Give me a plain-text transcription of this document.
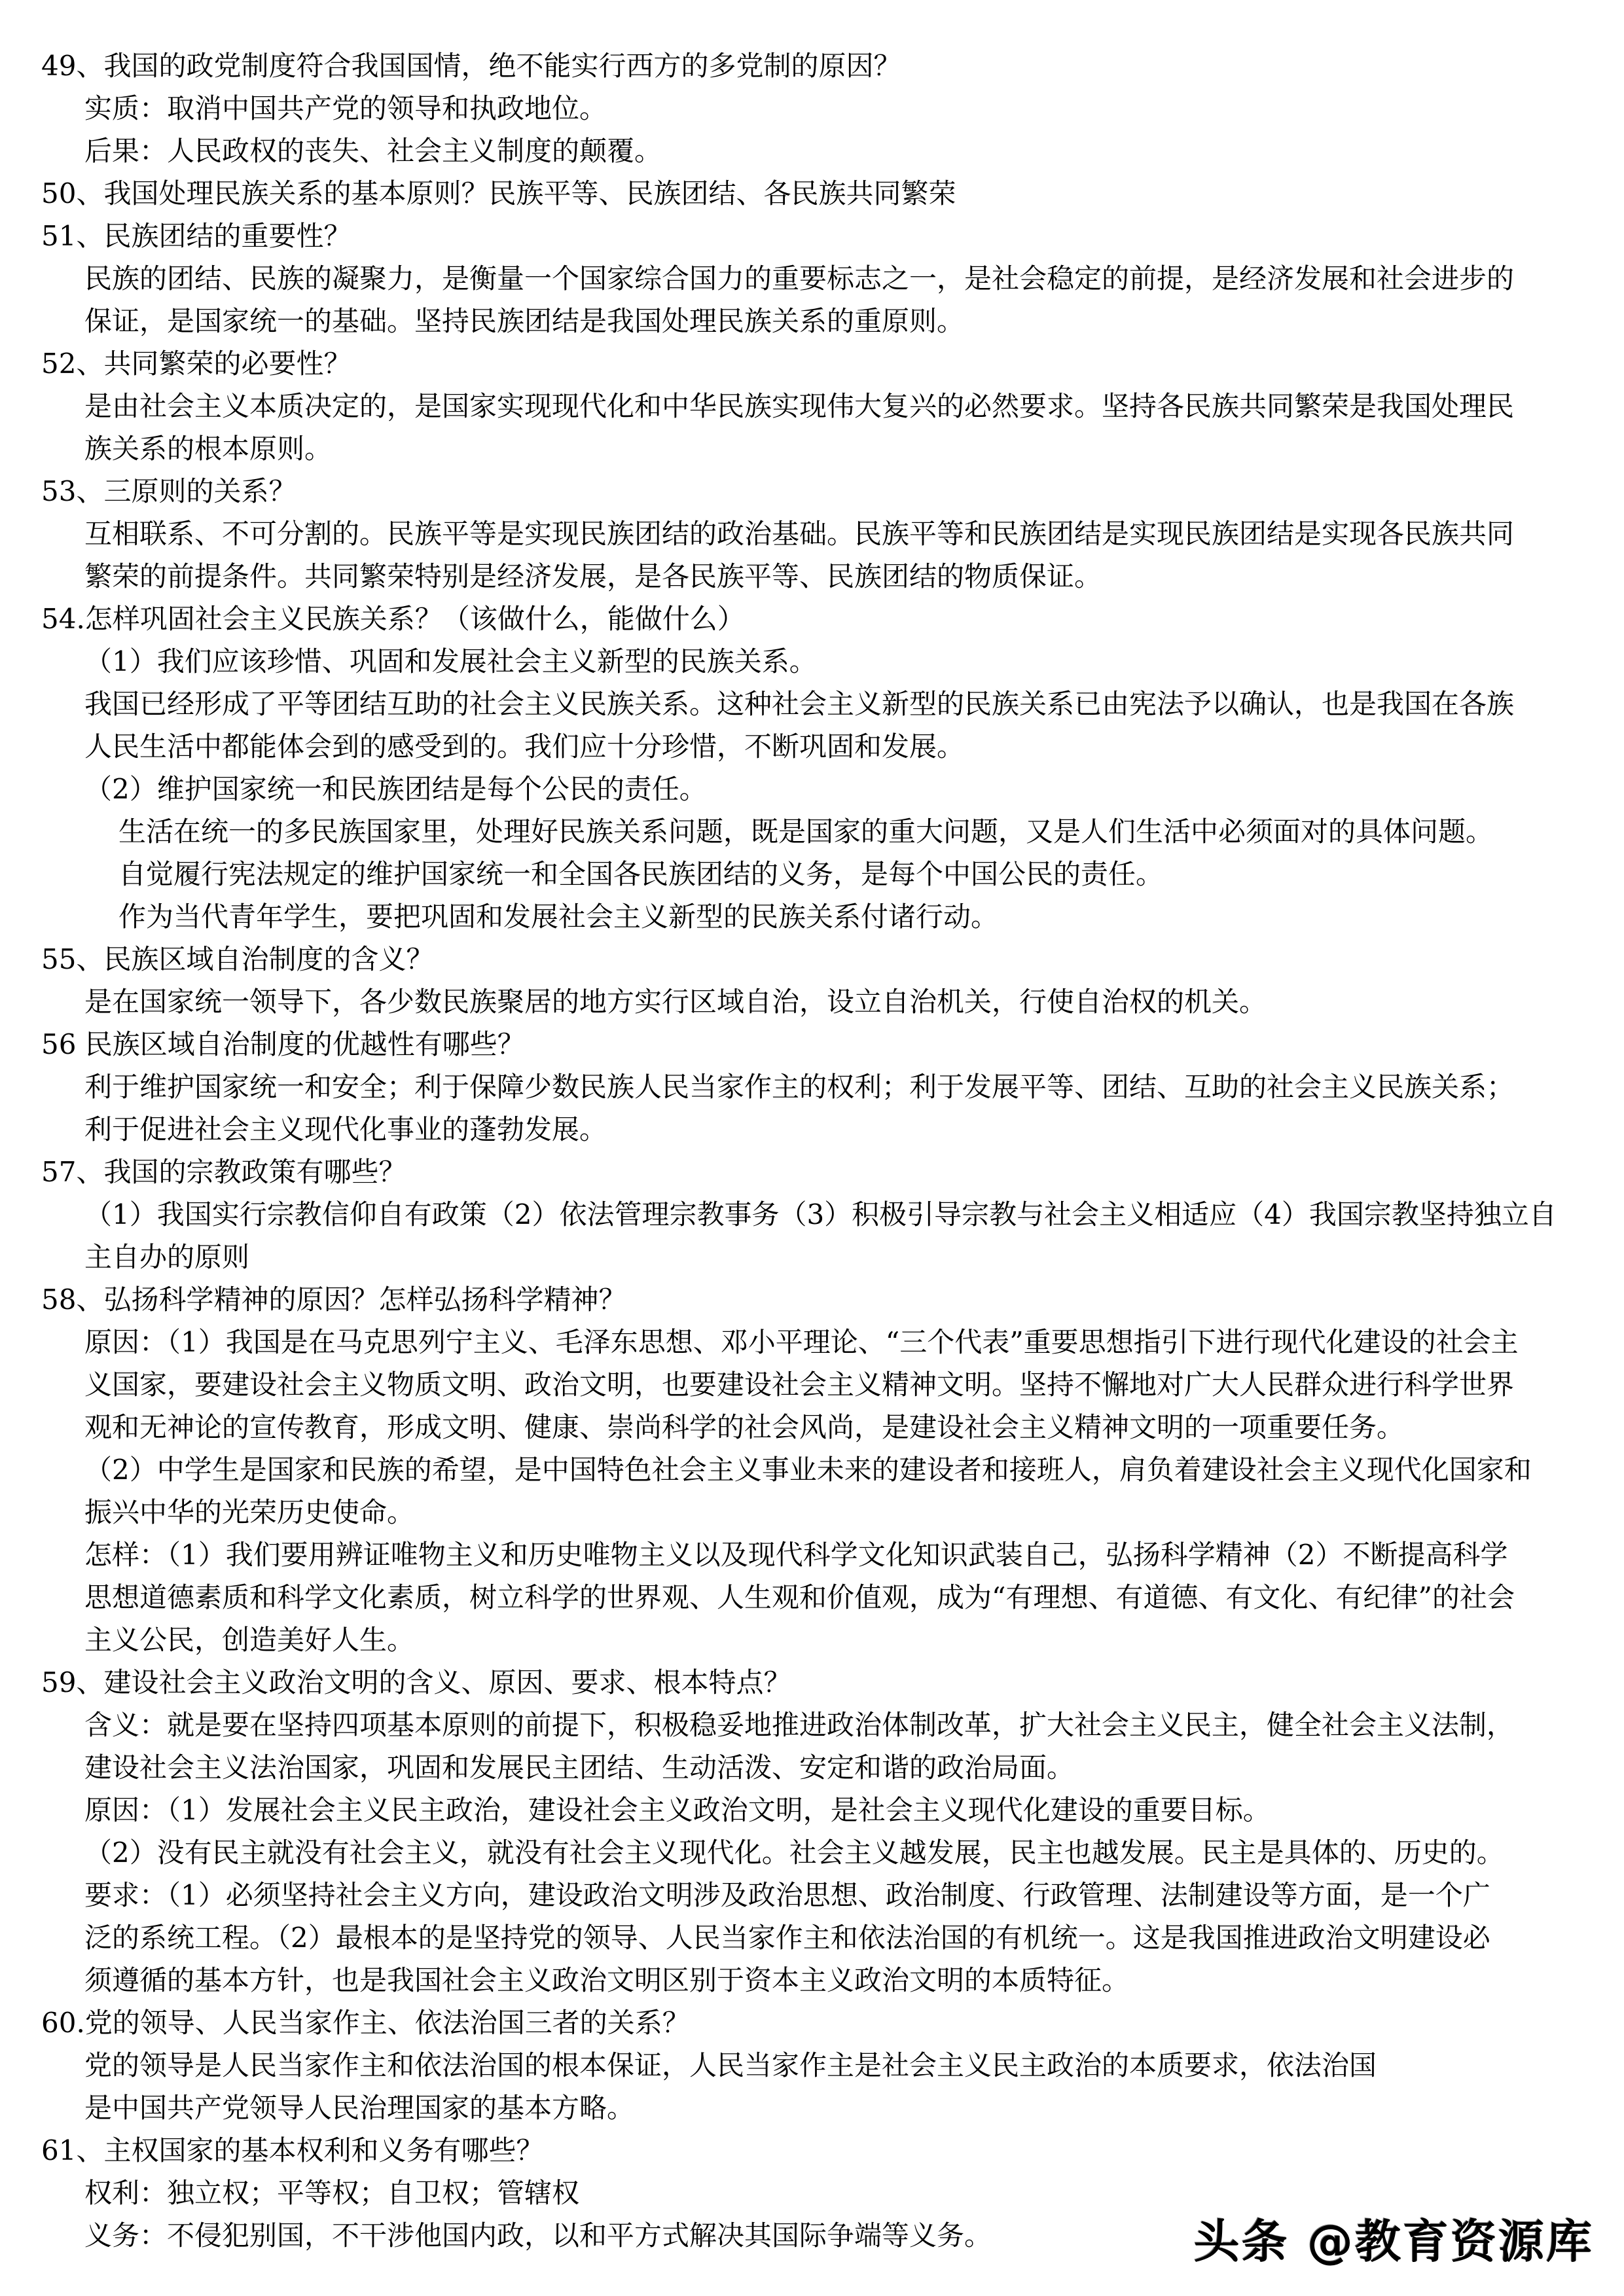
49、我国的政党制度符合我国国情，绝不能实行西方的多党制的原因？
实质：取消中国共产党的领导和执政地位。
后果：人民政权的丧失、社会主义制度的颠覆。
50、我国处理民族关系的基本原则？民族平等、民族团结、各民族共同繁荣
51、民族团结的重要性？
民族的团结、民族的凝聚力，是衡量一个国家综合国力的重要标志之一，是社会稳定的前提，是经济发展和社会进步的
保证，是国家统一的基础。坚持民族团结是我国处理民族关系的重原则。
52、共同繁荣的必要性？
是由社会主义本质决定的，是国家实现现代化和中华民族实现伟大复兴的必然要求。坚持各民族共同繁荣是我国处理民
族关系的根本原则。
53、三原则的关系？
互相联系、不可分割的。民族平等是实现民族团结的政治基础。民族平等和民族团结是实现民族团结是实现各民族共同
繁荣的前提条件。共同繁荣特别是经济发展，是各民族平等、民族团结的物质保证。
54.怎样巩固社会主义民族关系？（该做什么，能做什么）
（1）我们应该珍惜、巩固和发展社会主义新型的民族关系。
我国已经形成了平等团结互助的社会主义民族关系。这种社会主义新型的民族关系已由宪法予以确认，也是我国在各族
人民生活中都能体会到的感受到的。我们应十分珍惜，不断巩固和发展。
（2）维护国家统一和民族团结是每个公民的责任。
生活在统一的多民族国家里，处理好民族关系问题，既是国家的重大问题，又是人们生活中必须面对的具体问题。
自觉履行宪法规定的维护国家统一和全国各民族团结的义务，是每个中国公民的责任。
作为当代青年学生，要把巩固和发展社会主义新型的民族关系付诸行动。
55、民族区域自治制度的含义？
是在国家统一领导下，各少数民族聚居的地方实行区域自治，设立自治机关，行使自治权的机关。
56 民族区域自治制度的优越性有哪些？
利于维护国家统一和安全；利于保障少数民族人民当家作主的权利；利于发展平等、团结、互助的社会主义民族关系；
利于促进社会主义现代化事业的蓬勃发展。
57、我国的宗教政策有哪些？
（1）我国实行宗教信仰自有政策（2）依法管理宗教事务（3）积极引导宗教与社会主义相适应（4）我国宗教坚持独立自
主自办的原则
58、弘扬科学精神的原因？怎样弘扬科学精神？
原因：（1）我国是在马克思列宁主义、毛泽东思想、邓小平理论、“三个代表”重要思想指引下进行现代化建设的社会主
义国家，要建设社会主义物质文明、政治文明，也要建设社会主义精神文明。坚持不懈地对广大人民群众进行科学世界
观和无神论的宣传教育，形成文明、健康、崇尚科学的社会风尚，是建设社会主义精神文明的一项重要任务。
（2）中学生是国家和民族的希望，是中国特色社会主义事业未来的建设者和接班人，肩负着建设社会主义现代化国家和
振兴中华的光荣历史使命。
怎样：（1）我们要用辨证唯物主义和历史唯物主义以及现代科学文化知识武装自己，弘扬科学精神（2）不断提高科学
思想道德素质和科学文化素质，树立科学的世界观、人生观和价值观，成为“有理想、有道德、有文化、有纪律”的社会
主义公民，创造美好人生。
59、建设社会主义政治文明的含义、原因、要求、根本特点？
含义：就是要在坚持四项基本原则的前提下，积极稳妥地推进政治体制改革，扩大社会主义民主，健全社会主义法制，
建设社会主义法治国家，巩固和发展民主团结、生动活泼、安定和谐的政治局面。
原因：（1）发展社会主义民主政治，建设社会主义政治文明，是社会主义现代化建设的重要目标。
（2）没有民主就没有社会主义，就没有社会主义现代化。社会主义越发展，民主也越发展。民主是具体的、历史的。
要求：（1）必须坚持社会主义方向，建设政治文明涉及政治思想、政治制度、行政管理、法制建设等方面，是一个广
泛的系统工程。（2）最根本的是坚持党的领导、人民当家作主和依法治国的有机统一。这是我国推进政治文明建设必
须遵循的基本方针，也是我国社会主义政治文明区别于资本主义政治文明的本质特征。
60.党的领导、人民当家作主、依法治国三者的关系？
党的领导是人民当家作主和依法治国的根本保证，人民当家作主是社会主义民主政治的本质要求，依法治国
是中国共产党领导人民治理国家的基本方略。
61、主权国家的基本权利和义务有哪些？
权利：独立权；平等权；自卫权；管辖权
义务：不侵犯别国，不干涉他国内政，以和平方式解决其国际争端等义务。	头条 @教育资源库
